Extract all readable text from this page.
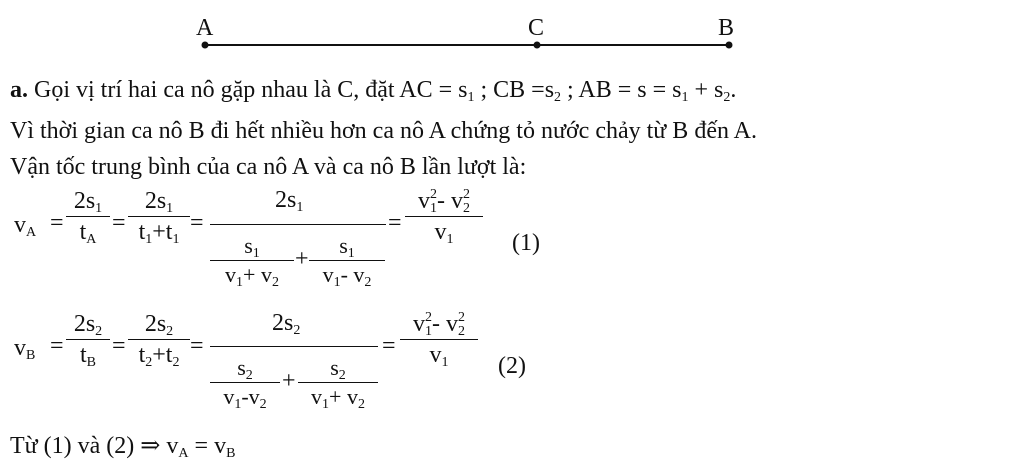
A	C	B
a. Gọi vị trí hai ca nô gặp nhau là C, đặt AC = $s_1$ ; CB $=s_2$ ; AB = $s = s_1 + s_2$.
Vì thời gian ca nô B đi hết nhiều hơn ca nô A chứng tỏ nước chảy từ B đến A.
Vận tốc trung bình của ca nô A và ca nô B lần lượt là:
$v_A$ =
$2s_1$
$t_A$
=
$2s_1$
$t_1+t_1$
=
$2s_1$
$s_1$
$v_1+ v_2$
+
$s_1$
$v_1-$ $v_2$
=
$v^2_1-$ $v^2_2$
$v_1$	(1)
$v_B$ =
$2s_2$
$t_B$
=
$2s_2$
$t_2+t_2$
=
$2s_2$
$s_2$
$v_1-v_2$
+
$s_2$
$v_1+ v_2$
=
$v^2_1-$ $v^2_2$
$v_1$	(2)
Từ (1) và (2) ⇒ $v_A = v_B$
